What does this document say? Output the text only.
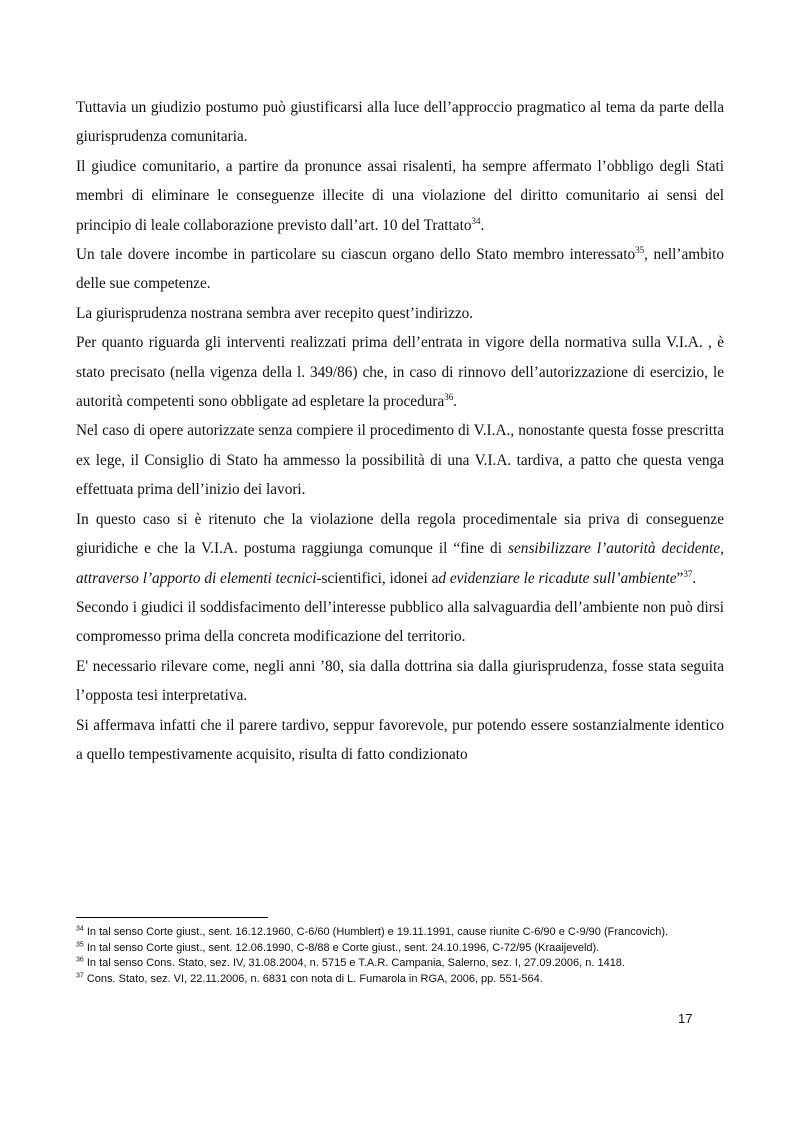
Tuttavia un giudizio postumo può giustificarsi alla luce dell’approccio pragmatico al tema da parte della giurisprudenza comunitaria.

Il giudice comunitario, a partire da pronunce assai risalenti, ha sempre affermato l’obbligo degli Stati membri di eliminare le conseguenze illecite di una violazione del diritto comunitario ai sensi del principio di leale collaborazione previsto dall’art. 10 del Trattato$^{34}$.

Un tale dovere incombe in particolare su ciascun organo dello Stato membro interessato$^{35}$, nell’ambito delle sue competenze.

La giurisprudenza nostrana sembra aver recepito quest’indirizzo.

Per quanto riguarda gli interventi realizzati prima dell’entrata in vigore della normativa sulla V.I.A. , è stato precisato (nella vigenza della l. 349/86) che, in caso di rinnovo dell’autorizzazione di esercizio, le autorità competenti sono obbligate ad espletare la procedura$^{36}$.

Nel caso di opere autorizzate senza compiere il procedimento di V.I.A., nonostante questa fosse prescritta ex lege, il Consiglio di Stato ha ammesso la possibilità di una V.I.A. tardiva, a patto che questa venga effettuata prima dell’inizio dei lavori.

In questo caso si è ritenuto che la violazione della regola procedimentale sia priva di conseguenze giuridiche e che la V.I.A. postuma raggiunga comunque il “fine di sensibilizzare l’autorità decidente, attraverso l’apporto di elementi tecnici-scientifici, idonei ad evidenziare le ricadute sull’ambiente”$^{37}$.

Secondo i giudici il soddisfacimento dell’interesse pubblico alla salvaguardia dell’ambiente non può dirsi compromesso prima della concreta modificazione del territorio.

E' necessario rilevare come, negli anni ’80, sia dalla dottrina sia dalla giurisprudenza, fosse stata seguita l’opposta tesi interpretativa.

Si affermava infatti che il parere tardivo, seppur favorevole, pur potendo essere sostanzialmente identico a quello tempestivamente acquisito, risulta di fatto condizionato

$^{34}$ In tal senso Corte giust., sent. 16.12.1960, C-6/60 (Humblert) e 19.11.1991, cause riunite C-6/90 e C-9/90 (Francovich).

$^{35}$ In tal senso Corte giust., sent. 12.06.1990, C-8/88 e Corte giust., sent. 24.10.1996, C-72/95 (Kraaijeveld).

$^{36}$ In tal senso Cons. Stato, sez. IV, 31.08.2004, n. 5715 e T.A.R. Campania, Salerno, sez. I, 27.09.2006, n. 1418.

$^{37}$ Cons. Stato, sez. VI, 22.11.2006, n. 6831 con nota di L. Fumarola in RGA, 2006, pp. 551-564.

17
